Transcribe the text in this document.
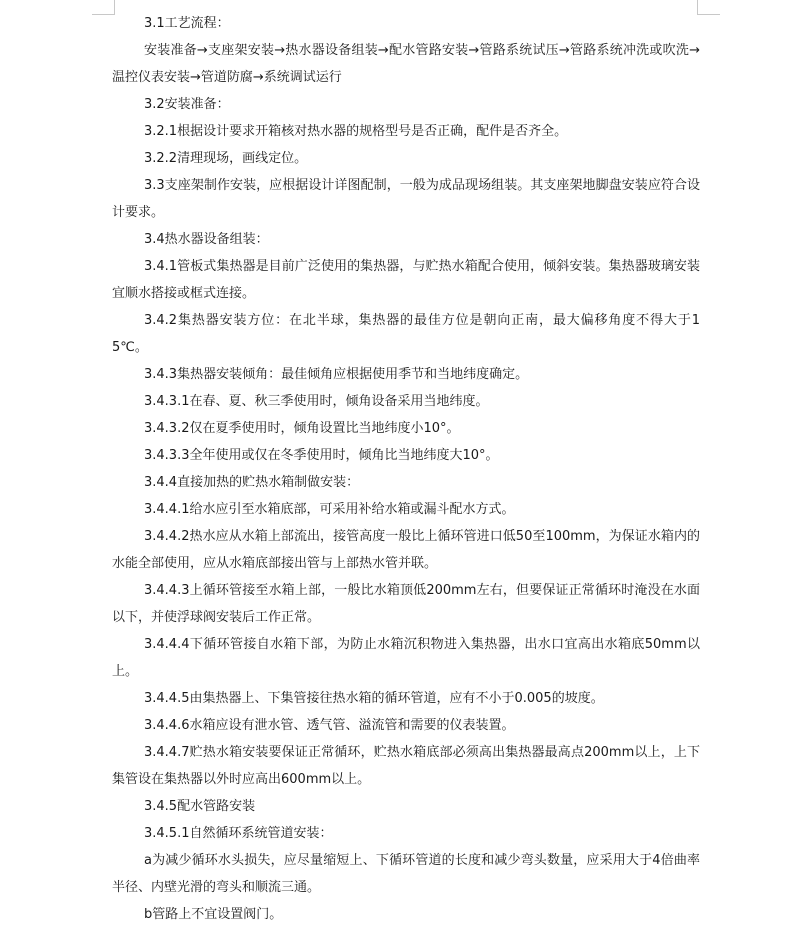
3.1工艺流程：

安装准备→支座架安装→热水器设备组装→配水管路安装→管路系统试压→管路系统冲洗或吹洗→温控仪表安装→管道防腐→系统调试运行

3.2安装准备：

3.2.1根据设计要求开箱核对热水器的规格型号是否正确，配件是否齐全。

3.2.2清理现场，画线定位。

3.3支座架制作安装，应根据设计详图配制，一般为成品现场组装。其支座架地脚盘安装应符合设计要求。

3.4热水器设备组装：

3.4.1管板式集热器是目前广泛使用的集热器，与贮热水箱配合使用，倾斜安装。集热器玻璃安装宜顺水搭接或框式连接。

3.4.2集热器安装方位：在北半球，集热器的最佳方位是朝向正南，最大偏移角度不得大于15℃。

3.4.3集热器安装倾角：最佳倾角应根据使用季节和当地纬度确定。

3.4.3.1在春、夏、秋三季使用时，倾角设备采用当地纬度。

3.4.3.2仅在夏季使用时，倾角设置比当地纬度小10°。

3.4.3.3全年使用或仅在冬季使用时，倾角比当地纬度大10°。

3.4.4直接加热的贮热水箱制做安装：

3.4.4.1给水应引至水箱底部，可采用补给水箱或漏斗配水方式。

3.4.4.2热水应从水箱上部流出，接管高度一般比上循环管进口低50至100mm，为保证水箱内的水能全部使用，应从水箱底部接出管与上部热水管并联。

3.4.4.3上循环管接至水箱上部，一般比水箱顶低200mm左右，但要保证正常循环时淹没在水面以下，并使浮球阀安装后工作正常。

3.4.4.4下循环管接自水箱下部，为防止水箱沉积物进入集热器，出水口宜高出水箱底50mm以上。

3.4.4.5由集热器上、下集管接往热水箱的循环管道，应有不小于0.005的坡度。

3.4.4.6水箱应设有泄水管、透气管、溢流管和需要的仪表装置。

3.4.4.7贮热水箱安装要保证正常循环，贮热水箱底部必须高出集热器最高点200mm以上，上下集管设在集热器以外时应高出600mm以上。

3.4.5配水管路安装

3.4.5.1自然循环系统管道安装：

a为减少循环水头损失，应尽量缩短上、下循环管道的长度和减少弯头数量，应采用大于4倍曲率半径、内壁光滑的弯头和顺流三通。

b管路上不宜设置阀门。
